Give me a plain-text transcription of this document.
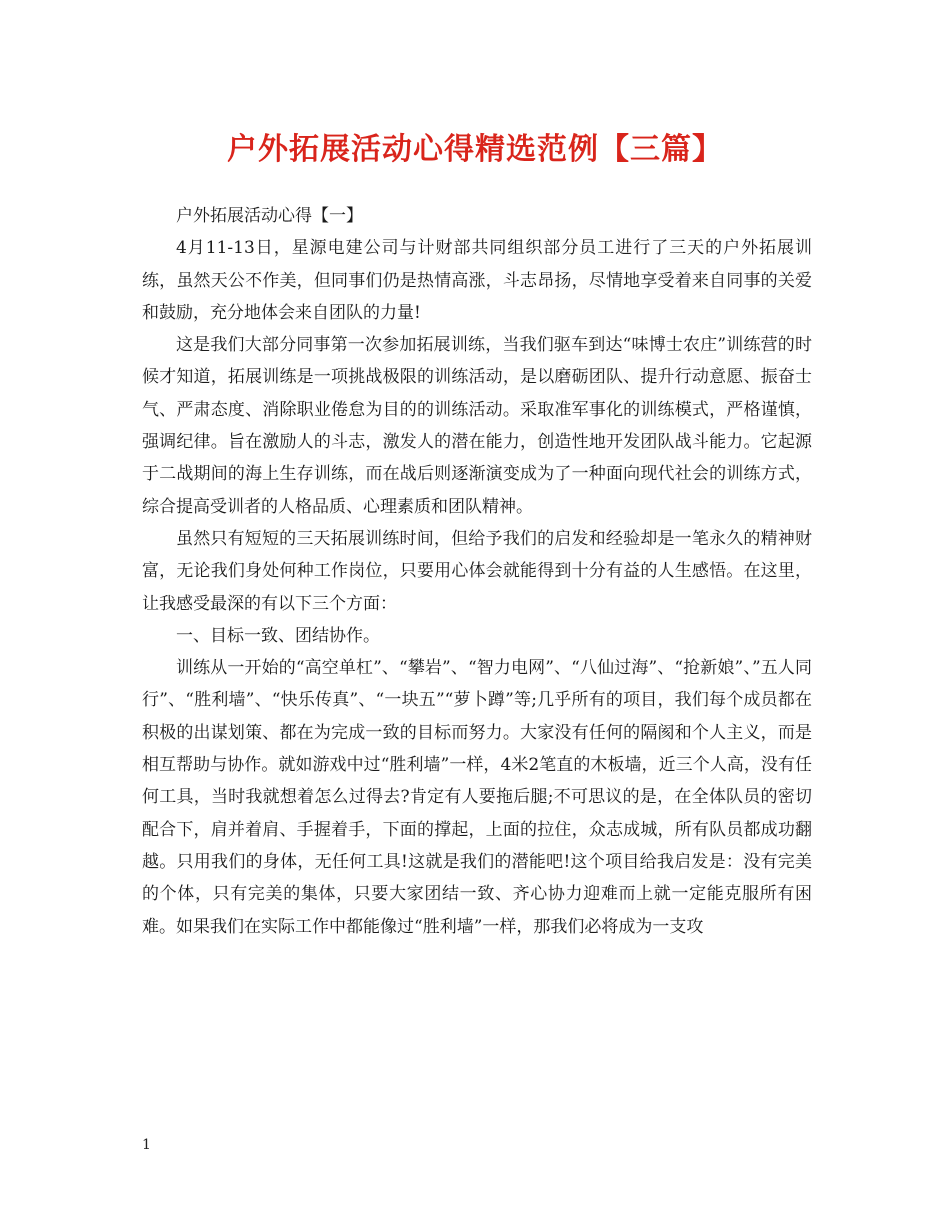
户外拓展活动心得精选范例【三篇】

户外拓展活动心得【一】

4月11-13日，星源电建公司与计财部共同组织部分员工进行了三天的户外拓展训练，虽然天公不作美，但同事们仍是热情高涨，斗志昂扬，尽情地享受着来自同事的关爱和鼓励，充分地体会来自团队的力量!

这是我们大部分同事第一次参加拓展训练，当我们驱车到达“味博士农庄”训练营的时候才知道，拓展训练是一项挑战极限的训练活动，是以磨砺团队、提升行动意愿、振奋士气、严肃态度、消除职业倦怠为目的的训练活动。采取准军事化的训练模式，严格谨慎，强调纪律。旨在激励人的斗志，激发人的潜在能力，创造性地开发团队战斗能力。它起源于二战期间的海上生存训练，而在战后则逐渐演变成为了一种面向现代社会的训练方式，综合提高受训者的人格品质、心理素质和团队精神。

虽然只有短短的三天拓展训练时间，但给予我们的启发和经验却是一笔永久的精神财富，无论我们身处何种工作岗位，只要用心体会就能得到十分有益的人生感悟。在这里，让我感受最深的有以下三个方面：

一、目标一致、团结协作。

训练从一开始的“高空单杠”、“攀岩”、“智力电网”、“八仙过海”、“抢新娘”、”五人同行”、“胜利墙”、“快乐传真”、“一块五”“萝卜蹲”等;几乎所有的项目，我们每个成员都在积极的出谋划策、都在为完成一致的目标而努力。大家没有任何的隔阂和个人主义，而是相互帮助与协作。就如游戏中过“胜利墙”一样，4米2笔直的木板墙，近三个人高，没有任何工具，当时我就想着怎么过得去?肯定有人要拖后腿;不可思议的是，在全体队员的密切配合下，肩并着肩、手握着手，下面的撑起，上面的拉住，众志成城，所有队员都成功翻越。只用我们的身体，无任何工具!这就是我们的潜能吧!这个项目给我启发是：没有完美的个体，只有完美的集体，只要大家团结一致、齐心协力迎难而上就一定能克服所有困难。如果我们在实际工作中都能像过“胜利墙”一样，那我们必将成为一支攻

1
